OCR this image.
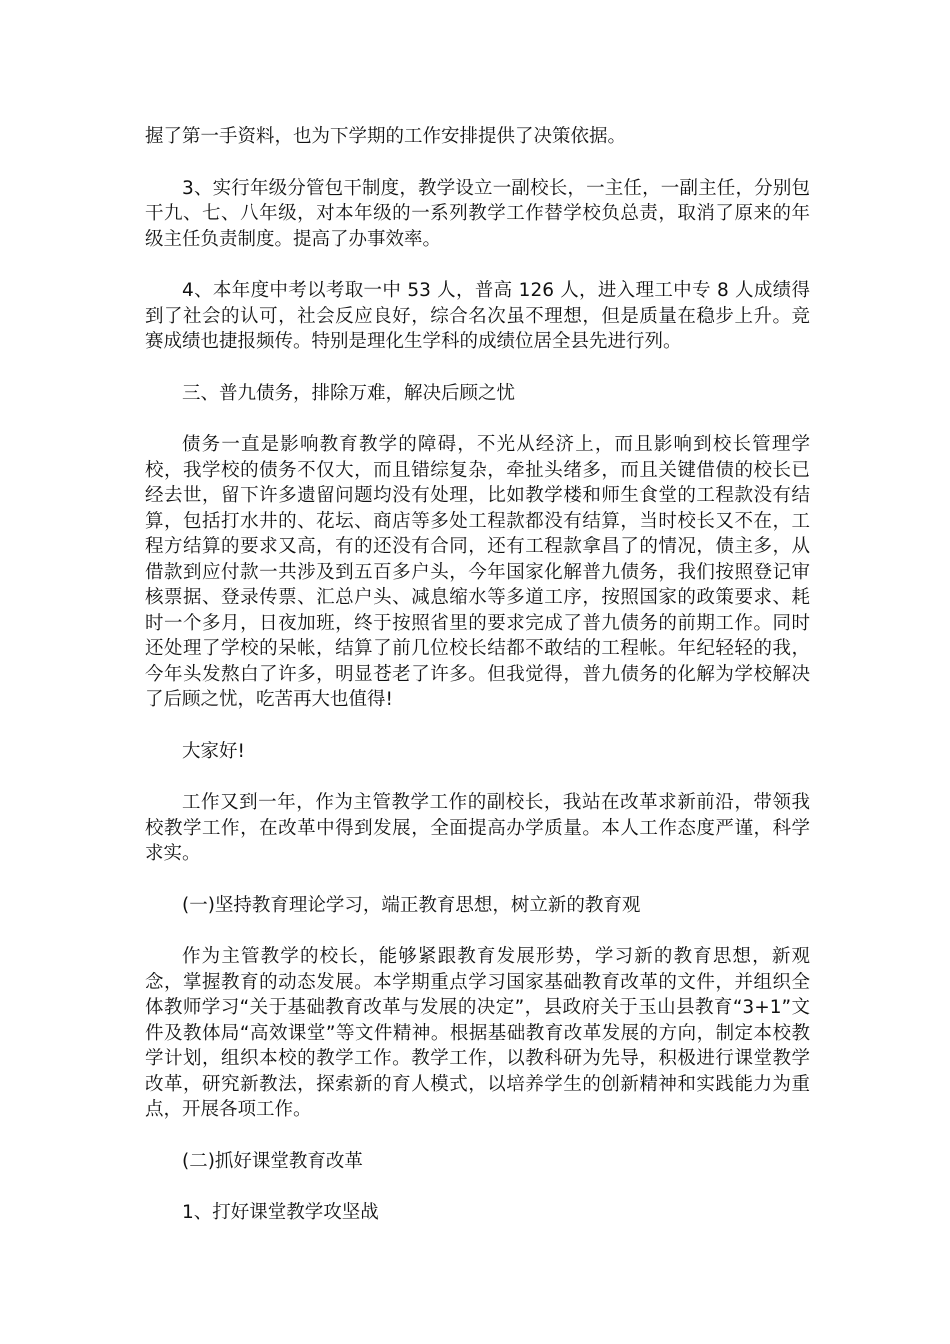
握了第一手资料，也为下学期的工作安排提供了决策依据。

3、实行年级分管包干制度，教学设立一副校长，一主任，一副主任，分别包干九、七、八年级，对本年级的一系列教学工作替学校负总责，取消了原来的年级主任负责制度。提高了办事效率。

4、本年度中考以考取一中 53 人，普高 126 人，进入理工中专 8 人成绩得到了社会的认可，社会反应良好，综合名次虽不理想，但是质量在稳步上升。竞赛成绩也捷报频传。特别是理化生学科的成绩位居全县先进行列。

三、普九债务，排除万难，解决后顾之忧

债务一直是影响教育教学的障碍，不光从经济上，而且影响到校长管理学校，我学校的债务不仅大，而且错综复杂，牵扯头绪多，而且关键借债的校长已经去世，留下许多遗留问题均没有处理，比如教学楼和师生食堂的工程款没有结算，包括打水井的、花坛、商店等多处工程款都没有结算，当时校长又不在，工程方结算的要求又高，有的还没有合同，还有工程款拿昌了的情况，债主多，从借款到应付款一共涉及到五百多户头，今年国家化解普九债务，我们按照登记审核票据、登录传票、汇总户头、减息缩水等多道工序，按照国家的政策要求、耗时一个多月，日夜加班，终于按照省里的要求完成了普九债务的前期工作。同时还处理了学校的呆帐，结算了前几位校长结都不敢结的工程帐。年纪轻轻的我，今年头发熬白了许多，明显苍老了许多。但我觉得，普九债务的化解为学校解决了后顾之忧，吃苦再大也值得!

大家好!

工作又到一年，作为主管教学工作的副校长，我站在改革求新前沿，带领我校教学工作，在改革中得到发展，全面提高办学质量。本人工作态度严谨，科学求实。

(一)坚持教育理论学习，端正教育思想，树立新的教育观

作为主管教学的校长，能够紧跟教育发展形势，学习新的教育思想，新观念，掌握教育的动态发展。本学期重点学习国家基础教育改革的文件，并组织全体教师学习“关于基础教育改革与发展的决定”，县政府关于玉山县教育“3+1”文件及教体局“高效课堂”等文件精神。根据基础教育改革发展的方向，制定本校教学计划，组织本校的教学工作。教学工作，以教科研为先导，积极进行课堂教学改革，研究新教法，探索新的育人模式，以培养学生的创新精神和实践能力为重点，开展各项工作。

(二)抓好课堂教育改革

1、打好课堂教学攻坚战
